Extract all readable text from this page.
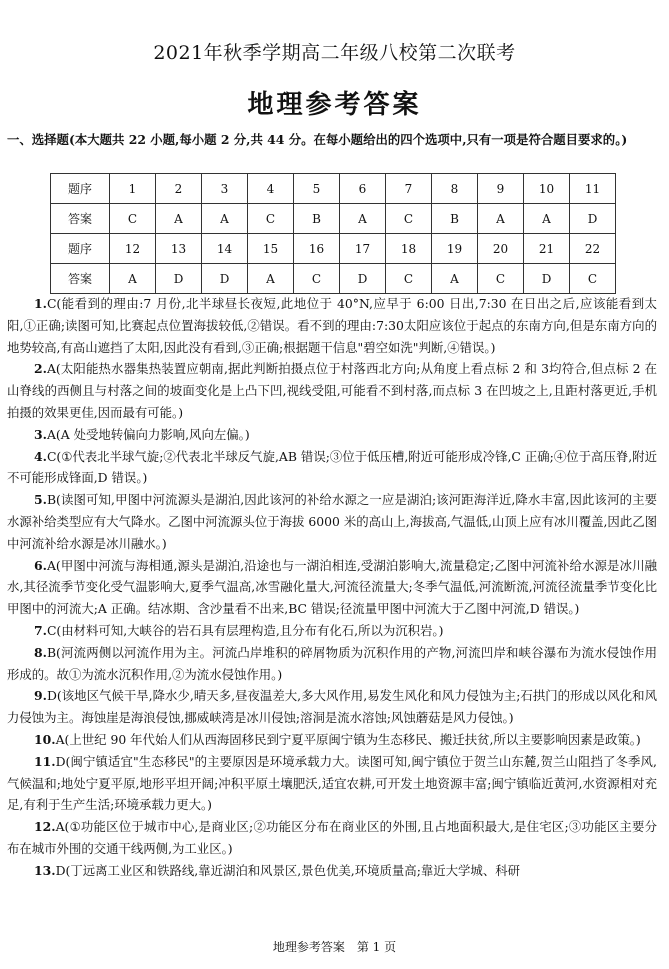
2021年秋季学期高二年级八校第二次联考
地理参考答案
一、选择题(本大题共 22 小题,每小题 2 分,共 44 分。在每小题给出的四个选项中,只有一项是符合题目要求的。)
题序	1	2	3	4	5	6	7	8	9	10	11
答案	C	A	A	C	B	A	C	B	A	A	D
题序	12	13	14	15	16	17	18	19	20	21	22
答案	A	D	D	A	C	D	C	A	C	D	C

1.C(能看到的理由:7 月份,北半球昼长夜短,此地位于 40°N,应早于 6:00 日出,7:30 在日出之后,应该能看到太阳,①正确;读图可知,比赛起点位置海拔较低,②错误。看不到的理由:7:30太阳应该位于起点的东南方向,但是东南方向的地势较高,有高山遮挡了太阳,因此没有看到,③正确;根据题干信息"碧空如洗"判断,④错误。)

2.A(太阳能热水器集热装置应朝南,据此判断拍摄点位于村落西北方向;从角度上看点标 2 和 3均符合,但点标 2 在山脊线的西侧且与村落之间的坡面变化是上凸下凹,视线受阻,可能看不到村落,而点标 3 在凹坡之上,且距村落更近,手机拍摄的效果更佳,因而最有可能。)

3.A(A 处受地转偏向力影响,风向左偏。)

4.C(①代表北半球气旋;②代表北半球反气旋,AB 错误;③位于低压槽,附近可能形成冷锋,C 正确;④位于高压脊,附近不可能形成锋面,D 错误。)

5.B(读图可知,甲图中河流源头是湖泊,因此该河的补给水源之一应是湖泊;该河距海洋近,降水丰富,因此该河的主要水源补给类型应有大气降水。乙图中河流源头位于海拔 6000 米的高山上,海拔高,气温低,山顶上应有冰川覆盖,因此乙图中河流补给水源是冰川融水。)

6.A(甲图中河流与海相通,源头是湖泊,沿途也与一湖泊相连,受湖泊影响大,流量稳定;乙图中河流补给水源是冰川融水,其径流季节变化受气温影响大,夏季气温高,冰雪融化量大,河流径流量大;冬季气温低,河流断流,河流径流量季节变化比甲图中的河流大;A 正确。结冰期、含沙量看不出来,BC 错误;径流量甲图中河流大于乙图中河流,D 错误。)

7.C(由材料可知,大峡谷的岩石具有层理构造,且分布有化石,所以为沉积岩。)

8.B(河流两侧以河流作用为主。河流凸岸堆积的碎屑物质为沉积作用的产物,河流凹岸和峡谷瀑布为流水侵蚀作用形成的。故①为流水沉积作用,②为流水侵蚀作用。)

9.D(该地区气候干旱,降水少,晴天多,昼夜温差大,多大风作用,易发生风化和风力侵蚀为主;石拱门的形成以风化和风力侵蚀为主。海蚀崖是海浪侵蚀,挪威峡湾是冰川侵蚀;溶洞是流水溶蚀;风蚀蘑菇是风力侵蚀。)

10.A(上世纪 90 年代始人们从西海固移民到宁夏平原闽宁镇为生态移民、搬迁扶贫,所以主要影响因素是政策。)

11.D(闽宁镇适宜"生态移民"的主要原因是环境承载力大。读图可知,闽宁镇位于贺兰山东麓,贺兰山阻挡了冬季风,气候温和;地处宁夏平原,地形平坦开阔;冲积平原土壤肥沃,适宜农耕,可开发土地资源丰富;闽宁镇临近黄河,水资源相对充足,有利于生产生活;环境承载力更大。)

12.A(①功能区位于城市中心,是商业区;②功能区分布在商业区的外围,且占地面积最大,是住宅区;③功能区主要分布在城市外围的交通干线两侧,为工业区。)

13.D(丁远离工业区和铁路线,靠近湖泊和风景区,景色优美,环境质量高;靠近大学城、科研

地理参考答案　第 1 页
